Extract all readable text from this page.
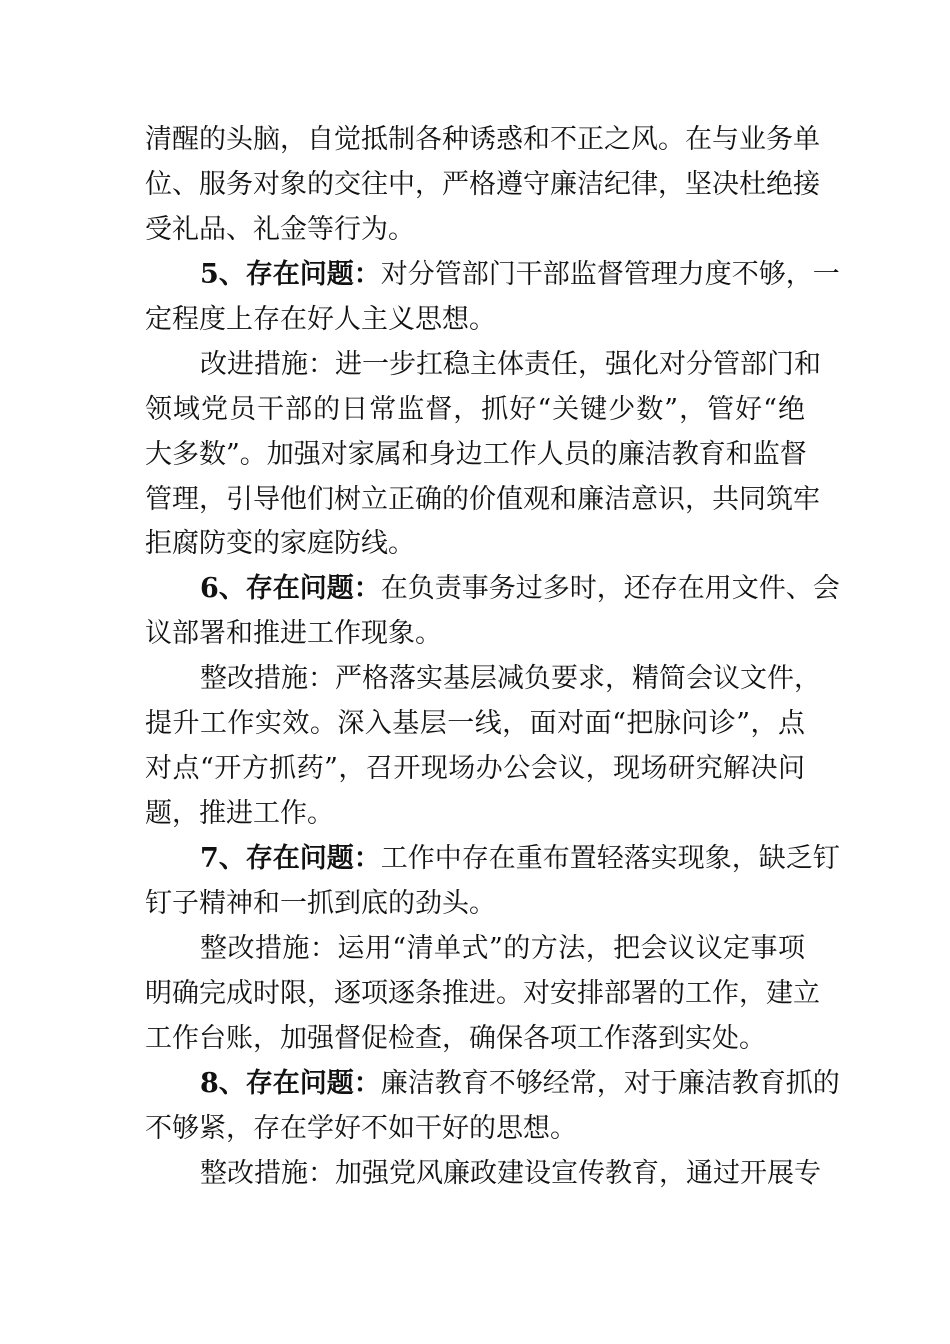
清醒的头脑，自觉抵制各种诱惑和不正之风。在与业务单

位、服务对象的交往中，严格遵守廉洁纪律，坚决杜绝接

受礼品、礼金等行为。

5、存在问题：对分管部门干部监督管理力度不够，一

定程度上存在好人主义思想。

改进措施：进一步扛稳主体责任，强化对分管部门和

领域党员干部的日常监督，抓好“关键少数”，管好“绝

大多数”。加强对家属和身边工作人员的廉洁教育和监督

管理，引导他们树立正确的价值观和廉洁意识，共同筑牢

拒腐防变的家庭防线。

6、存在问题：在负责事务过多时，还存在用文件、会

议部署和推进工作现象。

整改措施：严格落实基层减负要求，精简会议文件，

提升工作实效。深入基层一线，面对面“把脉问诊”，点

对点“开方抓药”，召开现场办公会议，现场研究解决问

题，推进工作。

7、存在问题：工作中存在重布置轻落实现象，缺乏钉

钉子精神和一抓到底的劲头。

整改措施：运用“清单式”的方法，把会议议定事项

明确完成时限，逐项逐条推进。对安排部署的工作，建立

工作台账，加强督促检查，确保各项工作落到实处。

8、存在问题：廉洁教育不够经常，对于廉洁教育抓的

不够紧，存在学好不如干好的思想。

整改措施：加强党风廉政建设宣传教育，通过开展专
